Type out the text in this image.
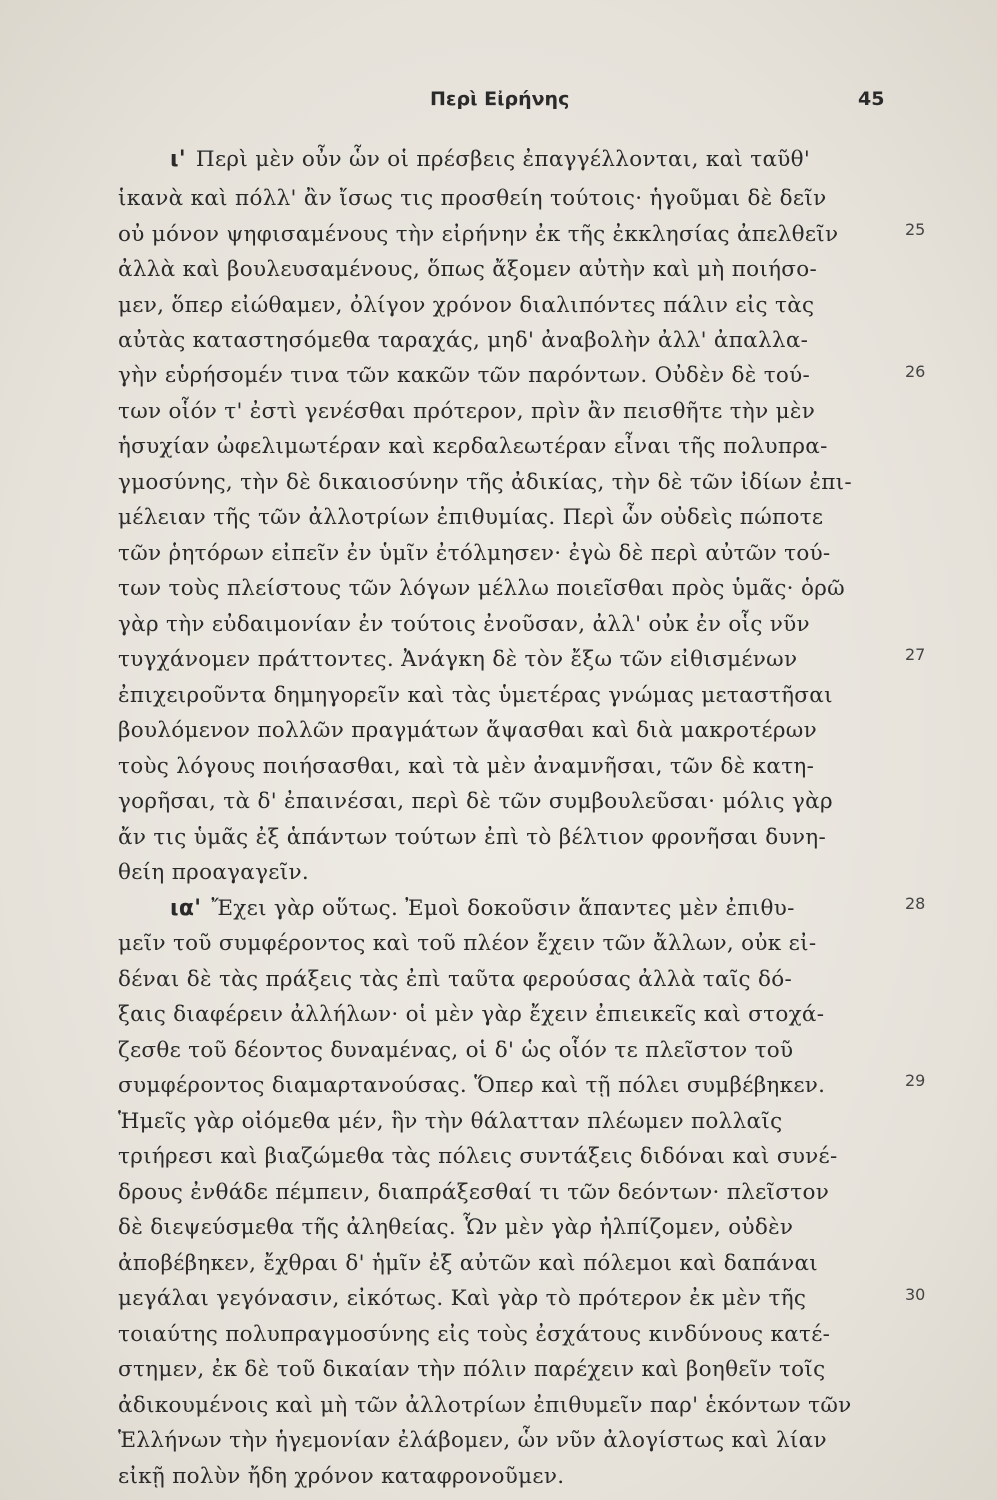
Περὶ Εἰρήνης	45
ι' Περὶ μὲν οὖν ὧν οἱ πρέσβεις ἐπαγγέλλονται, καὶ ταῦθ'
ἱκανὰ καὶ πόλλ' ἂν ἴσως τις προσθείη τούτοις· ἡγοῦμαι δὲ δεῖν
οὐ μόνον ψηφισαμένους τὴν εἰρήνην ἐκ τῆς ἐκκλησίας ἀπελθεῖν
ἀλλὰ καὶ βουλευσαμένους, ὅπως ἄξομεν αὐτὴν καὶ μὴ ποιήσο-
μεν, ὅπερ εἰώθαμεν, ὀλίγον χρόνον διαλιπόντες πάλιν εἰς τὰς
αὐτὰς καταστησόμεθα ταραχάς, μηδ' ἀναβολὴν ἀλλ' ἀπαλλα-
γὴν εὑρήσομέν τινα τῶν κακῶν τῶν παρόντων. Οὐδὲν δὲ τού-
των οἷόν τ' ἐστὶ γενέσθαι πρότερον, πρὶν ἂν πεισθῆτε τὴν μὲν
ἡσυχίαν ὠφελιμωτέραν καὶ κερδαλεωτέραν εἶναι τῆς πολυπρα-
γμοσύνης, τὴν δὲ δικαιοσύνην τῆς ἀδικίας, τὴν δὲ τῶν ἰδίων ἐπι-
μέλειαν τῆς τῶν ἀλλοτρίων ἐπιθυμίας. Περὶ ὧν οὐδεὶς πώποτε
τῶν ῥητόρων εἰπεῖν ἐν ὑμῖν ἐτόλμησεν· ἐγὼ δὲ περὶ αὐτῶν τού-
των τοὺς πλείστους τῶν λόγων μέλλω ποιεῖσθαι πρὸς ὑμᾶς· ὁρῶ
γὰρ τὴν εὐδαιμονίαν ἐν τούτοις ἐνοῦσαν, ἀλλ' οὐκ ἐν οἷς νῦν
τυγχάνομεν πράττοντες. Ἀνάγκη δὲ τὸν ἔξω τῶν εἰθισμένων
ἐπιχειροῦντα δημηγορεῖν καὶ τὰς ὑμετέρας γνώμας μεταστῆσαι
βουλόμενον πολλῶν πραγμάτων ἅψασθαι καὶ διὰ μακροτέρων
τοὺς λόγους ποιήσασθαι, καὶ τὰ μὲν ἀναμνῆσαι, τῶν δὲ κατη-
γορῆσαι, τὰ δ' ἐπαινέσαι, περὶ δὲ τῶν συμβουλεῦσαι· μόλις γὰρ
ἄν τις ὑμᾶς ἐξ ἁπάντων τούτων ἐπὶ τὸ βέλτιον φρονῆσαι δυνη-
θείη προαγαγεῖν.
ια' Ἔχει γὰρ οὕτως. Ἐμοὶ δοκοῦσιν ἅπαντες μὲν ἐπιθυ-
μεῖν τοῦ συμφέροντος καὶ τοῦ πλέον ἔχειν τῶν ἄλλων, οὐκ εἰ-
δέναι δὲ τὰς πράξεις τὰς ἐπὶ ταῦτα φερούσας ἀλλὰ ταῖς δό-
ξαις διαφέρειν ἀλλήλων· οἱ μὲν γὰρ ἔχειν ἐπιεικεῖς καὶ στοχά-
ζεσθε τοῦ δέοντος δυναμένας, οἱ δ' ὡς οἷόν τε πλεῖστον τοῦ
συμφέροντος διαμαρτανούσας. Ὅπερ καὶ τῇ πόλει συμβέβηκεν.
Ἡμεῖς γὰρ οἰόμεθα μέν, ἣν τὴν θάλατταν πλέωμεν πολλαῖς
τριήρεσι καὶ βιαζώμεθα τὰς πόλεις συντάξεις διδόναι καὶ συνέ-
δρους ἐνθάδε πέμπειν, διαπράξεσθαί τι τῶν δεόντων· πλεῖστον
δὲ διεψεύσμεθα τῆς ἀληθείας. Ὧν μὲν γὰρ ἠλπίζομεν, οὐδὲν
ἀποβέβηκεν, ἔχθραι δ' ἡμῖν ἐξ αὐτῶν καὶ πόλεμοι καὶ δαπάναι
μεγάλαι γεγόνασιν, εἰκότως. Καὶ γὰρ τὸ πρότερον ἐκ μὲν τῆς
τοιαύτης πολυπραγμοσύνης εἰς τοὺς ἐσχάτους κινδύνους κατέ-
στημεν, ἐκ δὲ τοῦ δικαίαν τὴν πόλιν παρέχειν καὶ βοηθεῖν τοῖς
ἀδικουμένοις καὶ μὴ τῶν ἀλλοτρίων ἐπιθυμεῖν παρ' ἑκόντων τῶν
Ἑλλήνων τὴν ἡγεμονίαν ἐλάβομεν, ὧν νῦν ἀλογίστως καὶ λίαν
εἰκῇ πολὺν ἤδη χρόνον καταφρονοῦμεν.
25
26
27
28
29
30
